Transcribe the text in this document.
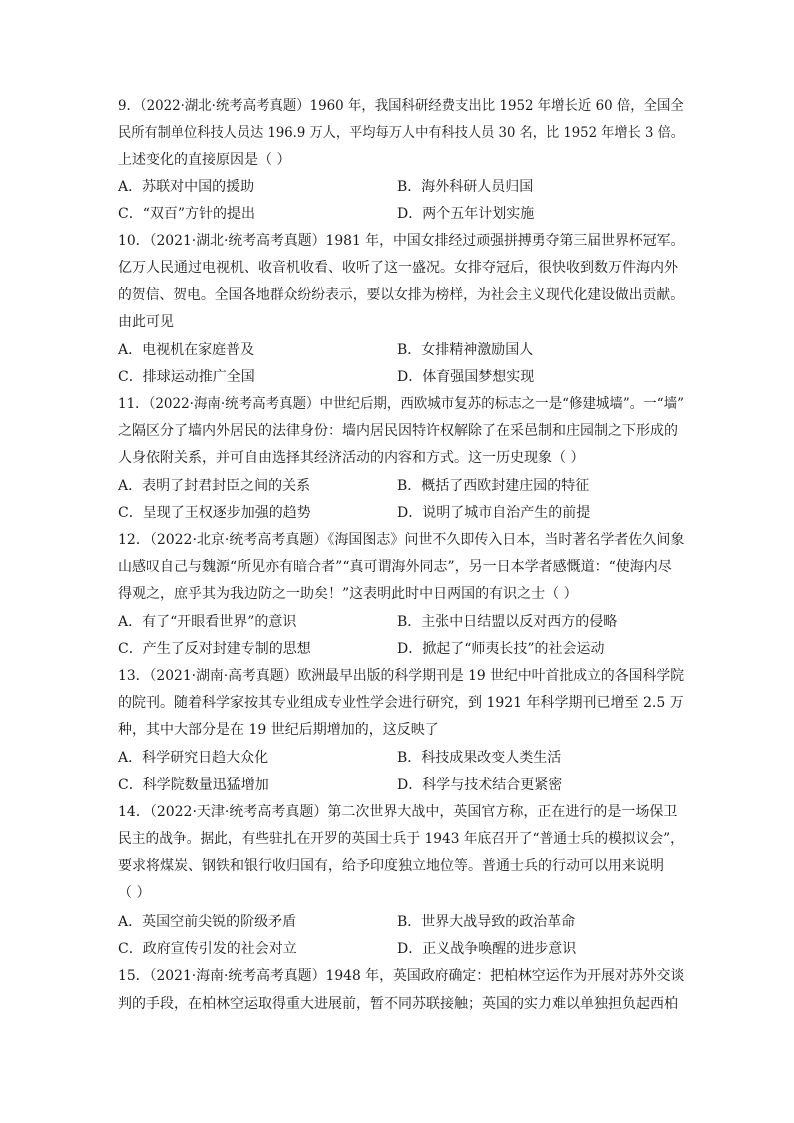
9．（2022·湖北·统考高考真题）1960 年，我国科研经费支出比 1952 年增长近 60 倍，全国全
民所有制单位科技人员达 196.9 万人，平均每万人中有科技人员 30 名，比 1952 年增长 3 倍。
上述变化的直接原因是（ ）
A．苏联对中国的援助	B．海外科研人员归国
C．“双百”方针的提出	D．两个五年计划实施
10．（2021·湖北·统考高考真题）1981 年，中国女排经过顽强拼搏勇夺第三届世界杯冠军。
亿万人民通过电视机、收音机收看、收听了这一盛况。女排夺冠后，很快收到数万件海内外
的贺信、贺电。全国各地群众纷纷表示，要以女排为榜样，为社会主义现代化建设做出贡献。
由此可见
A．电视机在家庭普及	B．女排精神激励国人
C．排球运动推广全国	D．体育强国梦想实现
11．（2022·海南·统考高考真题）中世纪后期，西欧城市复苏的标志之一是“修建城墙”。一“墙”
之隔区分了墙内外居民的法律身份：墙内居民因特许权解除了在采邑制和庄园制之下形成的
人身依附关系，并可自由选择其经济活动的内容和方式。这一历史现象（ ）
A．表明了封君封臣之间的关系	B．概括了西欧封建庄园的特征
C．呈现了王权逐步加强的趋势	D．说明了城市自治产生的前提
12．（2022·北京·统考高考真题）《海国图志》问世不久即传入日本，当时著名学者佐久间象
山感叹自己与魏源“所见亦有暗合者”“真可谓海外同志”，另一日本学者感慨道：“使海内尽
得观之，庶乎其为我边防之一助矣！”这表明此时中日两国的有识之士（ ）
A．有了“开眼看世界”的意识	B．主张中日结盟以反对西方的侵略
C．产生了反对封建专制的思想	D．掀起了“师夷长技”的社会运动
13．（2021·湖南·高考真题）欧洲最早出版的科学期刊是 19 世纪中叶首批成立的各国科学院
的院刊。随着科学家按其专业组成专业性学会进行研究，到 1921 年科学期刊已增至 2.5 万
种，其中大部分是在 19 世纪后期增加的，这反映了
A．科学研究日趋大众化	B．科技成果改变人类生活
C．科学院数量迅猛增加	D．科学与技术结合更紧密
14．（2022·天津·统考高考真题）第二次世界大战中，英国官方称，正在进行的是一场保卫
民主的战争。据此，有些驻扎在开罗的英国士兵于 1943 年底召开了“普通士兵的模拟议会”，
要求将煤炭、钢铁和银行收归国有，给予印度独立地位等。普通士兵的行动可以用来说明
（ ）
A．英国空前尖锐的阶级矛盾	B．世界大战导致的政治革命
C．政府宣传引发的社会对立	D．正义战争唤醒的进步意识
15．（2021·海南·统考高考真题）1948 年，英国政府确定：把柏林空运作为开展对苏外交谈
判的手段，在柏林空运取得重大进展前，暂不同苏联接触；英国的实力难以单独担负起西柏
